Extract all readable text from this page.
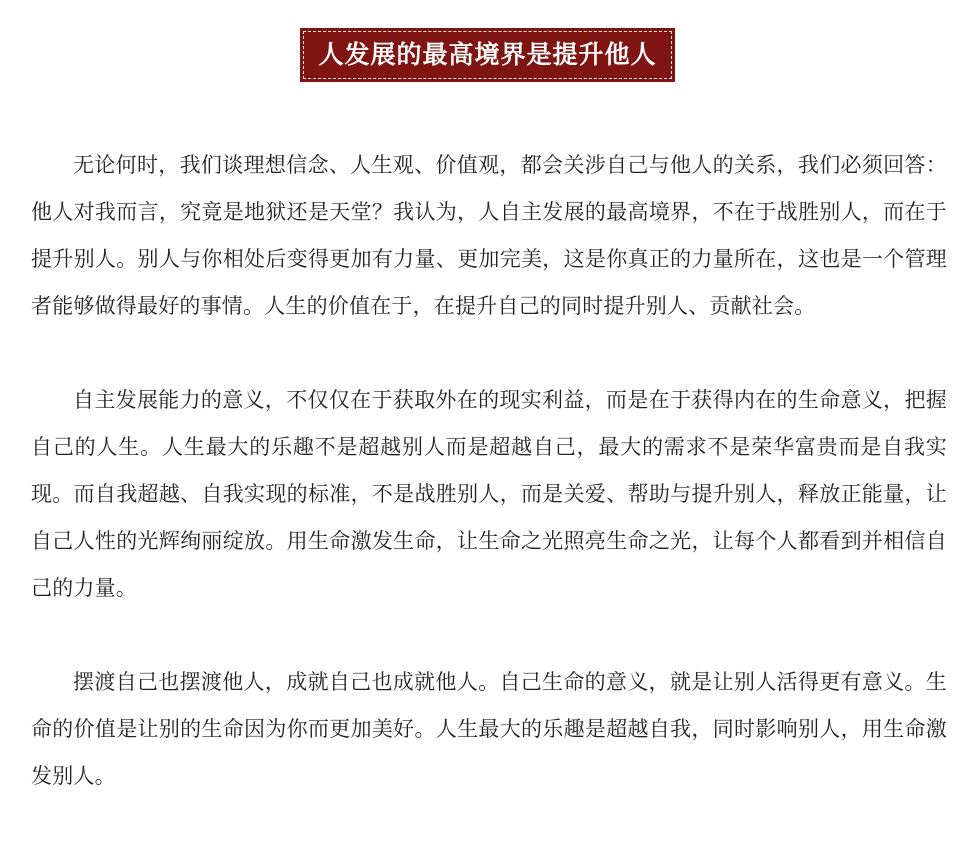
人发展的最高境界是提升他人

无论何时，我们谈理想信念、人生观、价值观，都会关涉自己与他人的关系，我们必须回答：他人对我而言，究竟是地狱还是天堂？我认为，人自主发展的最高境界，不在于战胜别人，而在于提升别人。别人与你相处后变得更加有力量、更加完美，这是你真正的力量所在，这也是一个管理者能够做得最好的事情。人生的价值在于，在提升自己的同时提升别人、贡献社会。

自主发展能力的意义，不仅仅在于获取外在的现实利益，而是在于获得内在的生命意义，把握自己的人生。人生最大的乐趣不是超越别人而是超越自己，最大的需求不是荣华富贵而是自我实现。而自我超越、自我实现的标准，不是战胜别人，而是关爱、帮助与提升别人，释放正能量，让自己人性的光辉绚丽绽放。用生命激发生命，让生命之光照亮生命之光，让每个人都看到并相信自己的力量。

摆渡自己也摆渡他人，成就自己也成就他人。自己生命的意义，就是让别人活得更有意义。生命的价值是让别的生命因为你而更加美好。人生最大的乐趣是超越自我，同时影响别人，用生命激发别人。
